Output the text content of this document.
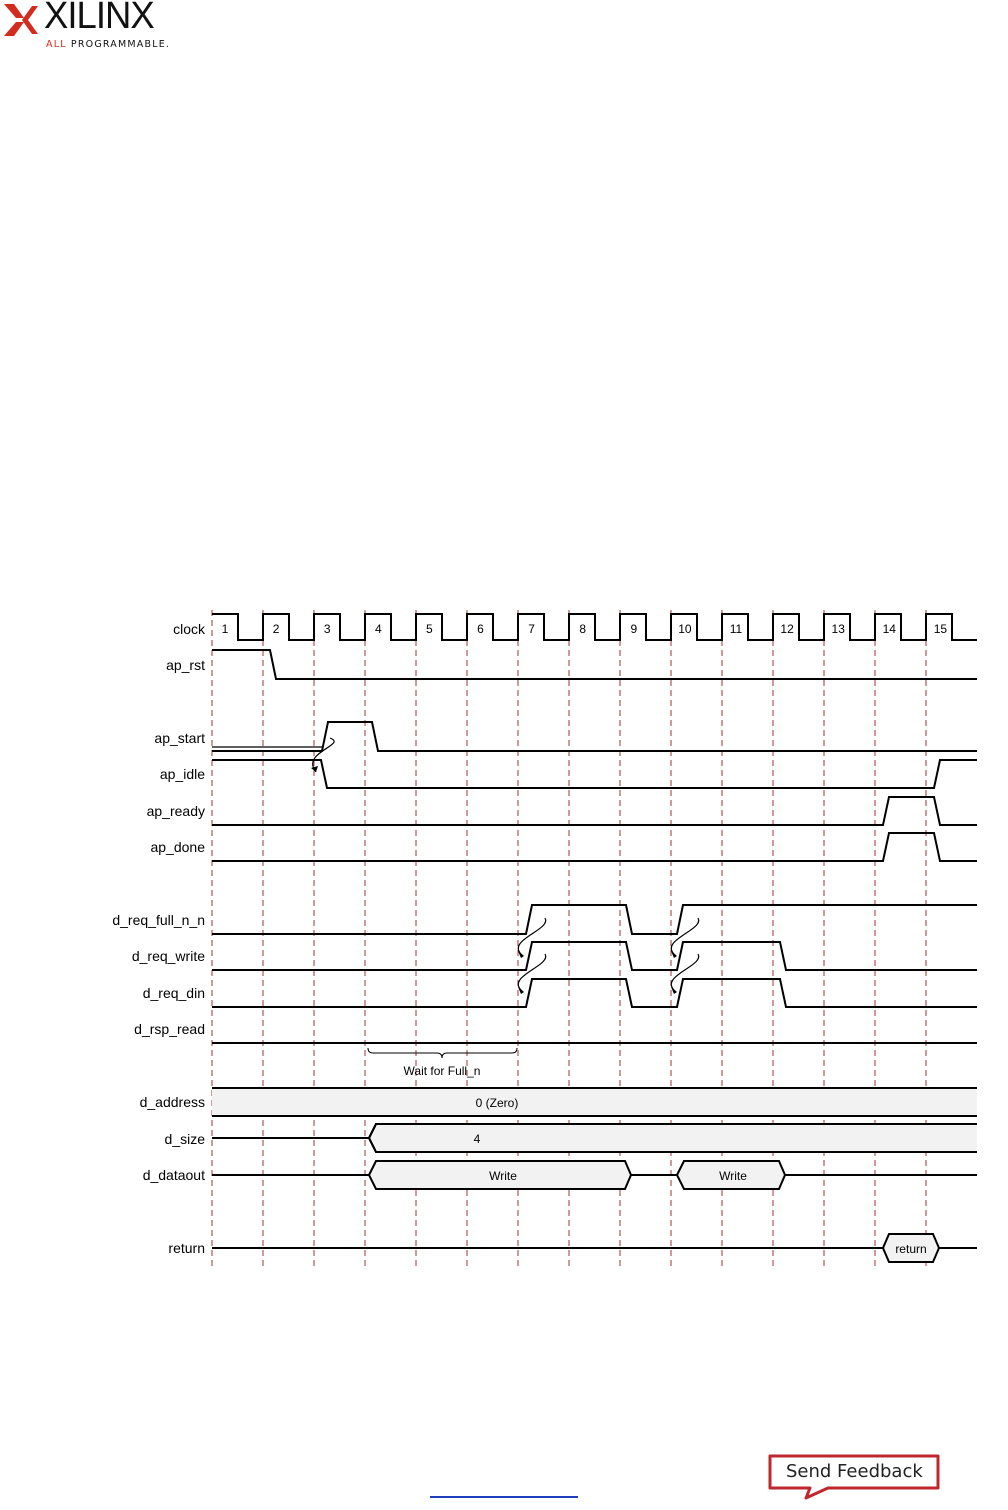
XILINX
ALL PROGRAMMABLE.
clock
ap_rst
ap_start
ap_idle
ap_ready
ap_done
d_req_full_n_n
d_req_write
d_req_din
d_rsp_read
d_address
d_size
d_dataout
return
Wait for Full_n
0 (Zero)
4
Write	Write
return
1	2	3	4	5	6	7	8	9	10	11	12	13	14	15
Send Feedback
